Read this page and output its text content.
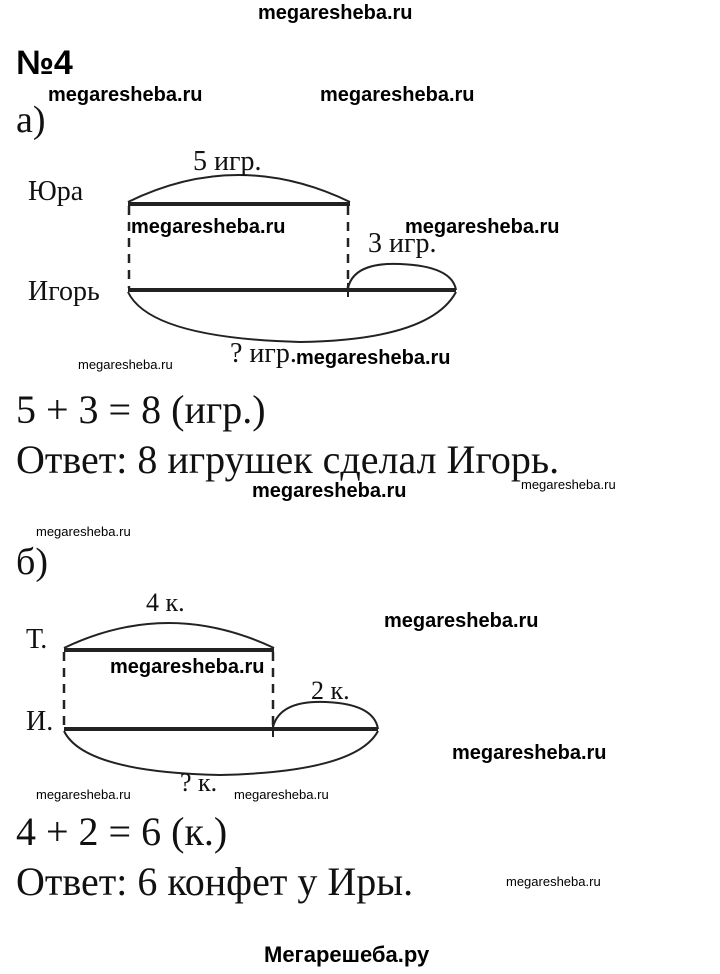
megaresheba.ru
№4
а)
5 игр.
Юра
3 игр.
Игорь
? игр.
megaresheba.ru	megaresheba.ru
megaresheba.ru	megaresheba.ru
megaresheba.ru	megaresheba.ru
5 + 3 = 8 (игр.)
Ответ: 8 игрушек сделал Игорь.
megaresheba.ru	megaresheba.ru
megaresheba.ru
б)
4 к.
Т.
2 к.
И.
? к.
megaresheba.ru
megaresheba.ru
megaresheba.ru
megaresheba.ru	megaresheba.ru
4 + 2 = 6 (к.)
Ответ: 6 конфет у Иры.	megaresheba.ru
Мегарешеба.ру
